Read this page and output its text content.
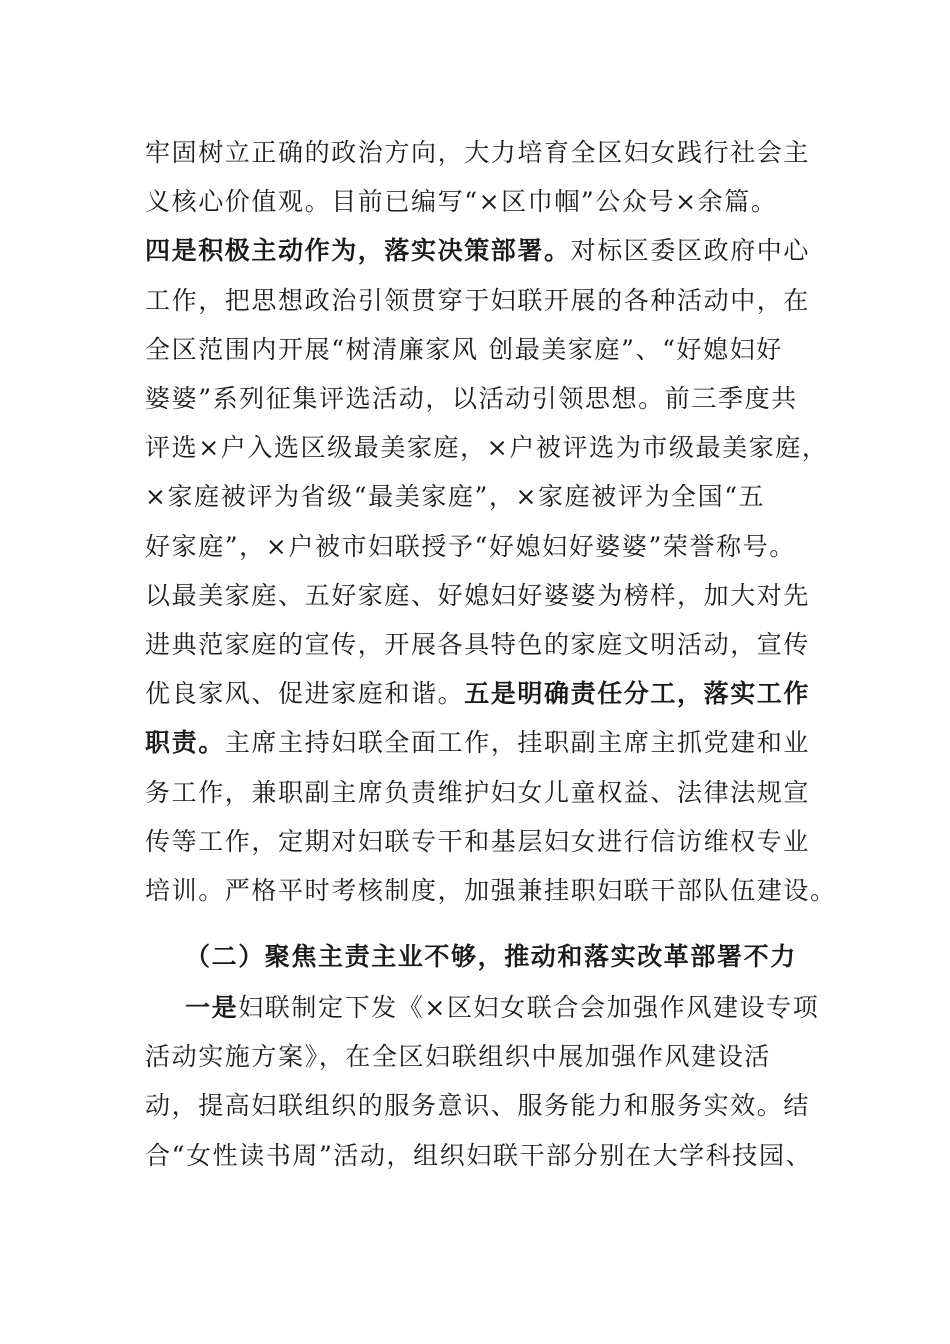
牢固树立正确的政治方向，大力培育全区妇女践行社会主
义核心价值观。目前已编写“×区巾帼”公众号×余篇。
四是积极主动作为，落实决策部署。对标区委区政府中心
工作，把思想政治引领贯穿于妇联开展的各种活动中，在
全区范围内开展“树清廉家风 创最美家庭”、“好媳妇好
婆婆”系列征集评选活动，以活动引领思想。前三季度共
评选×户入选区级最美家庭，×户被评选为市级最美家庭，
×家庭被评为省级“最美家庭”，×家庭被评为全国“五
好家庭”，×户被市妇联授予“好媳妇好婆婆”荣誉称号。
以最美家庭、五好家庭、好媳妇好婆婆为榜样，加大对先
进典范家庭的宣传，开展各具特色的家庭文明活动，宣传
优良家风、促进家庭和谐。五是明确责任分工，落实工作
职责。主席主持妇联全面工作，挂职副主席主抓党建和业
务工作，兼职副主席负责维护妇女儿童权益、法律法规宣
传等工作，定期对妇联专干和基层妇女进行信访维权专业
培训。严格平时考核制度，加强兼挂职妇联干部队伍建设。
（二）聚焦主责主业不够，推动和落实改革部署不力
一是妇联制定下发《×区妇女联合会加强作风建设专项
活动实施方案》，在全区妇联组织中展加强作风建设活
动，提高妇联组织的服务意识、服务能力和服务实效。结
合“女性读书周”活动，组织妇联干部分别在大学科技园、
